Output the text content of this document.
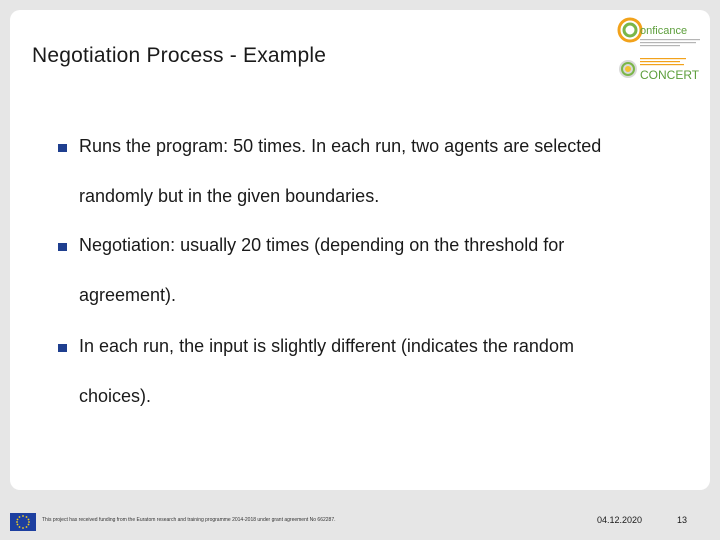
Negotiation Process - Example
onficance
CONCERT
Runs the program: 50 times. In each run, two agents are selected randomly but in the given boundaries.
Negotiation: usually 20 times (depending on the threshold for agreement).
In each run, the input is slightly different (indicates the random choices).
This project has received funding from the Euratom research and training programme 2014-2018 under grant agreement No 662287.	04.12.2020	13
